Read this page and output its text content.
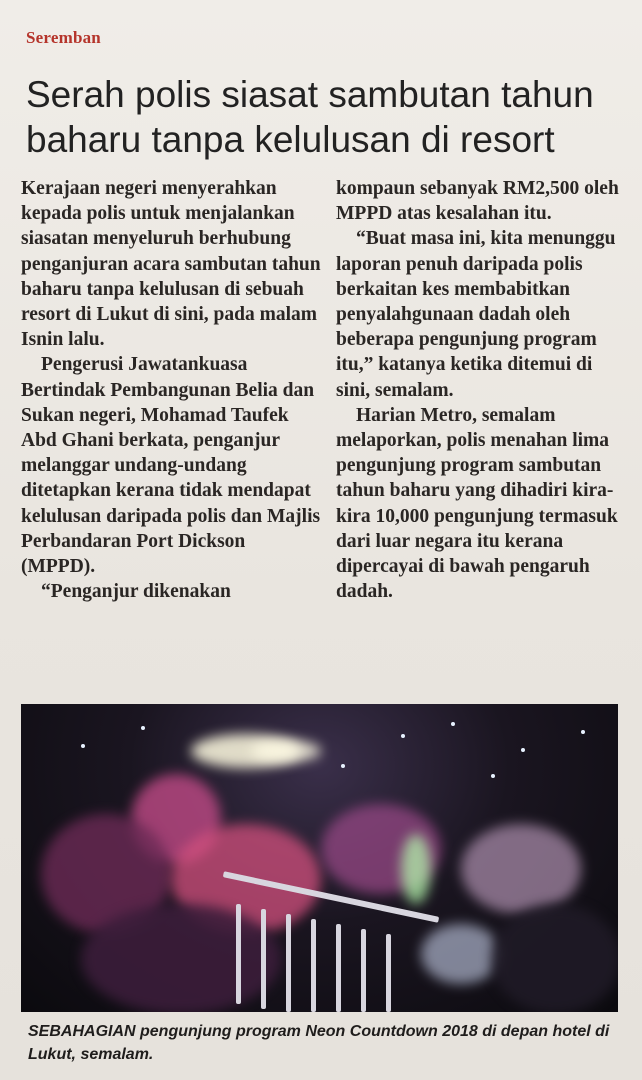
Seremban
Serah polis siasat sambutan tahun baharu tanpa kelulusan di resort

Kerajaan negeri menyerahkan kepada polis untuk menjalankan siasatan menyeluruh berhubung penganjuran acara sambutan tahun baharu tanpa kelulusan di sebuah resort di Lukut di sini, pada malam Isnin lalu.

Pengerusi Jawatankuasa Bertindak Pembangunan Belia dan Sukan negeri, Mohamad Taufek Abd Ghani berkata, penganjur melanggar undang-undang ditetapkan kerana tidak mendapat kelulusan daripada polis dan Majlis Perbandaran Port Dickson (MPPD).

“Penganjur dikenakan

kompaun sebanyak RM2,500 oleh MPPD atas kesalahan itu.

“Buat masa ini, kita menunggu laporan penuh daripada polis berkaitan kes membabitkan penyalahgunaan dadah oleh beberapa pengunjung program itu,” katanya ketika ditemui di sini, semalam.

Harian Metro, semalam melaporkan, polis menahan lima pengunjung program sambutan tahun baharu yang dihadiri kira-kira 10,000 pengunjung termasuk dari luar negara itu kerana dipercayai di bawah pengaruh dadah.

SEBAHAGIAN pengunjung program Neon Countdown 2018 di depan hotel di Lukut, semalam.
